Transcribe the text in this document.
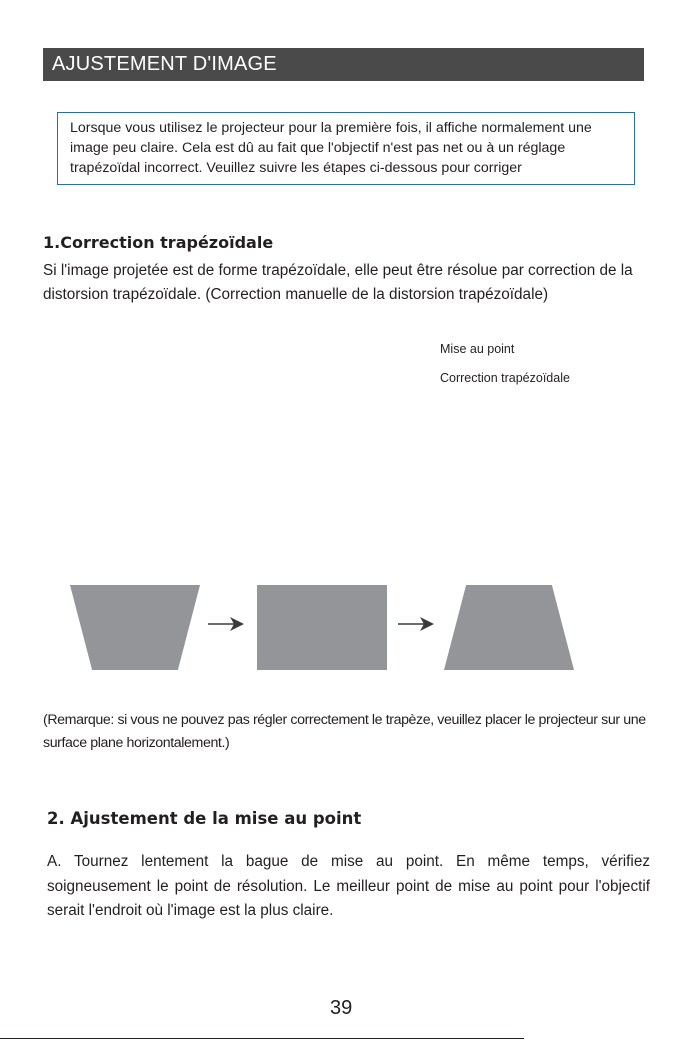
AJUSTEMENT D'IMAGE
Lorsque vous utilisez le projecteur pour la première fois, il affiche normalement une image peu claire. Cela est dû au fait que l'objectif n'est pas net ou à un réglage trapézoïdal incorrect. Veuillez suivre les étapes ci-dessous pour corriger
1.Correction trapézoïdale
Si l'image projetée est de forme trapézoïdale, elle peut être résolue par correction de la distorsion trapézoïdale. (Correction manuelle de la distorsion trapézoïdale)
Mise au point
Correction trapézoïdale
(Remarque: si vous ne pouvez pas régler correctement le trapèze, veuillez placer le projecteur sur une surface plane horizontalement.)
2. Ajustement de la mise au point
A. Tournez lentement la bague de mise au point. En même temps, vérifiez soigneusement le point de résolution. Le meilleur point de mise au point pour l'objectif serait l'endroit où l'image est la plus claire.
39
